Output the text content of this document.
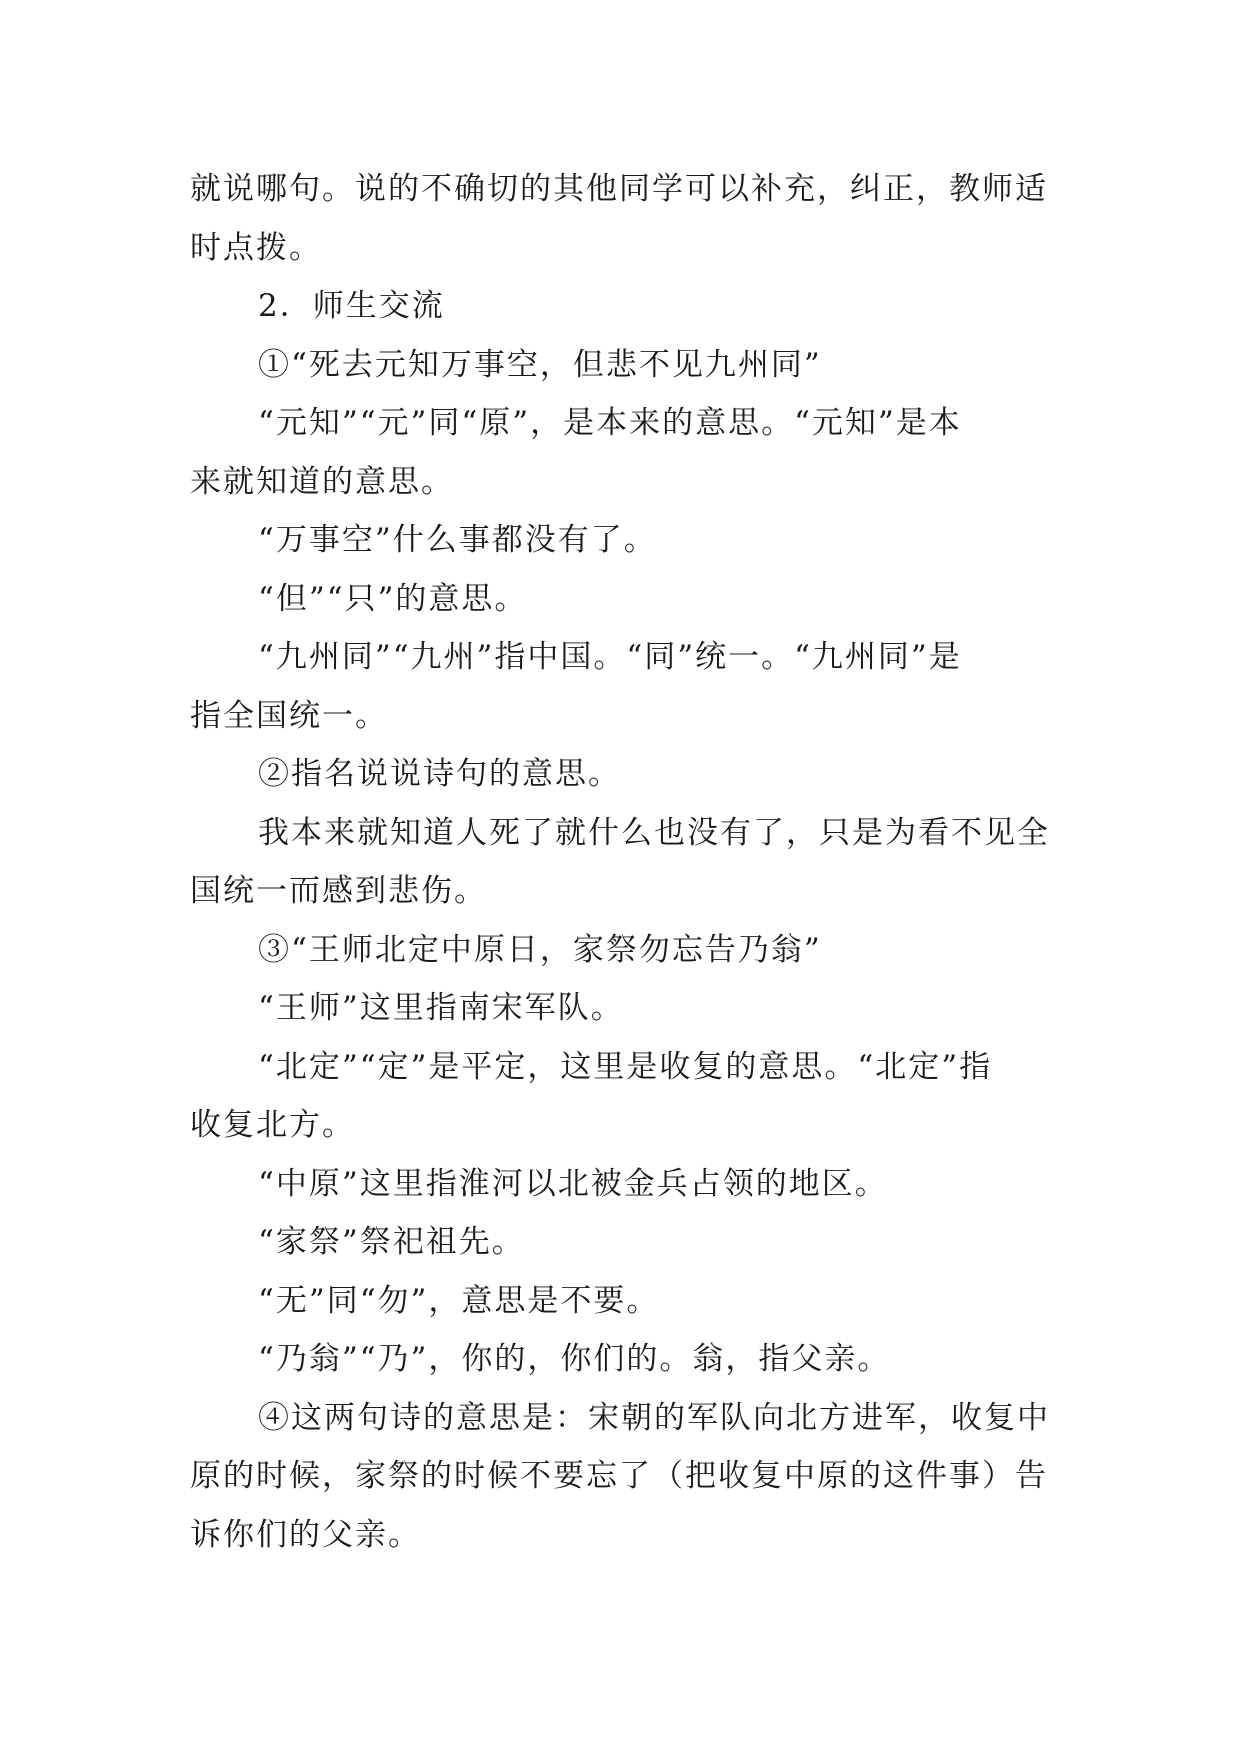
就说哪句。说的不确切的其他同学可以补充，纠正，教师适

时点拨。

2．师生交流

①“死去元知万事空，但悲不见九州同”

“元知”“元”同“原”，是本来的意思。“元知”是本

来就知道的意思。

“万事空”什么事都没有了。

“但”“只”的意思。

“九州同”“九州”指中国。“同”统一。“九州同”是

指全国统一。

②指名说说诗句的意思。

我本来就知道人死了就什么也没有了，只是为看不见全

国统一而感到悲伤。

③“王师北定中原日，家祭勿忘告乃翁”

“王师”这里指南宋军队。

“北定”“定”是平定，这里是收复的意思。“北定”指

收复北方。

“中原”这里指淮河以北被金兵占领的地区。

“家祭”祭祀祖先。

“无”同“勿”，意思是不要。

“乃翁”“乃”，你的，你们的。翁，指父亲。

④这两句诗的意思是：宋朝的军队向北方进军，收复中

原的时候，家祭的时候不要忘了（把收复中原的这件事）告

诉你们的父亲。
